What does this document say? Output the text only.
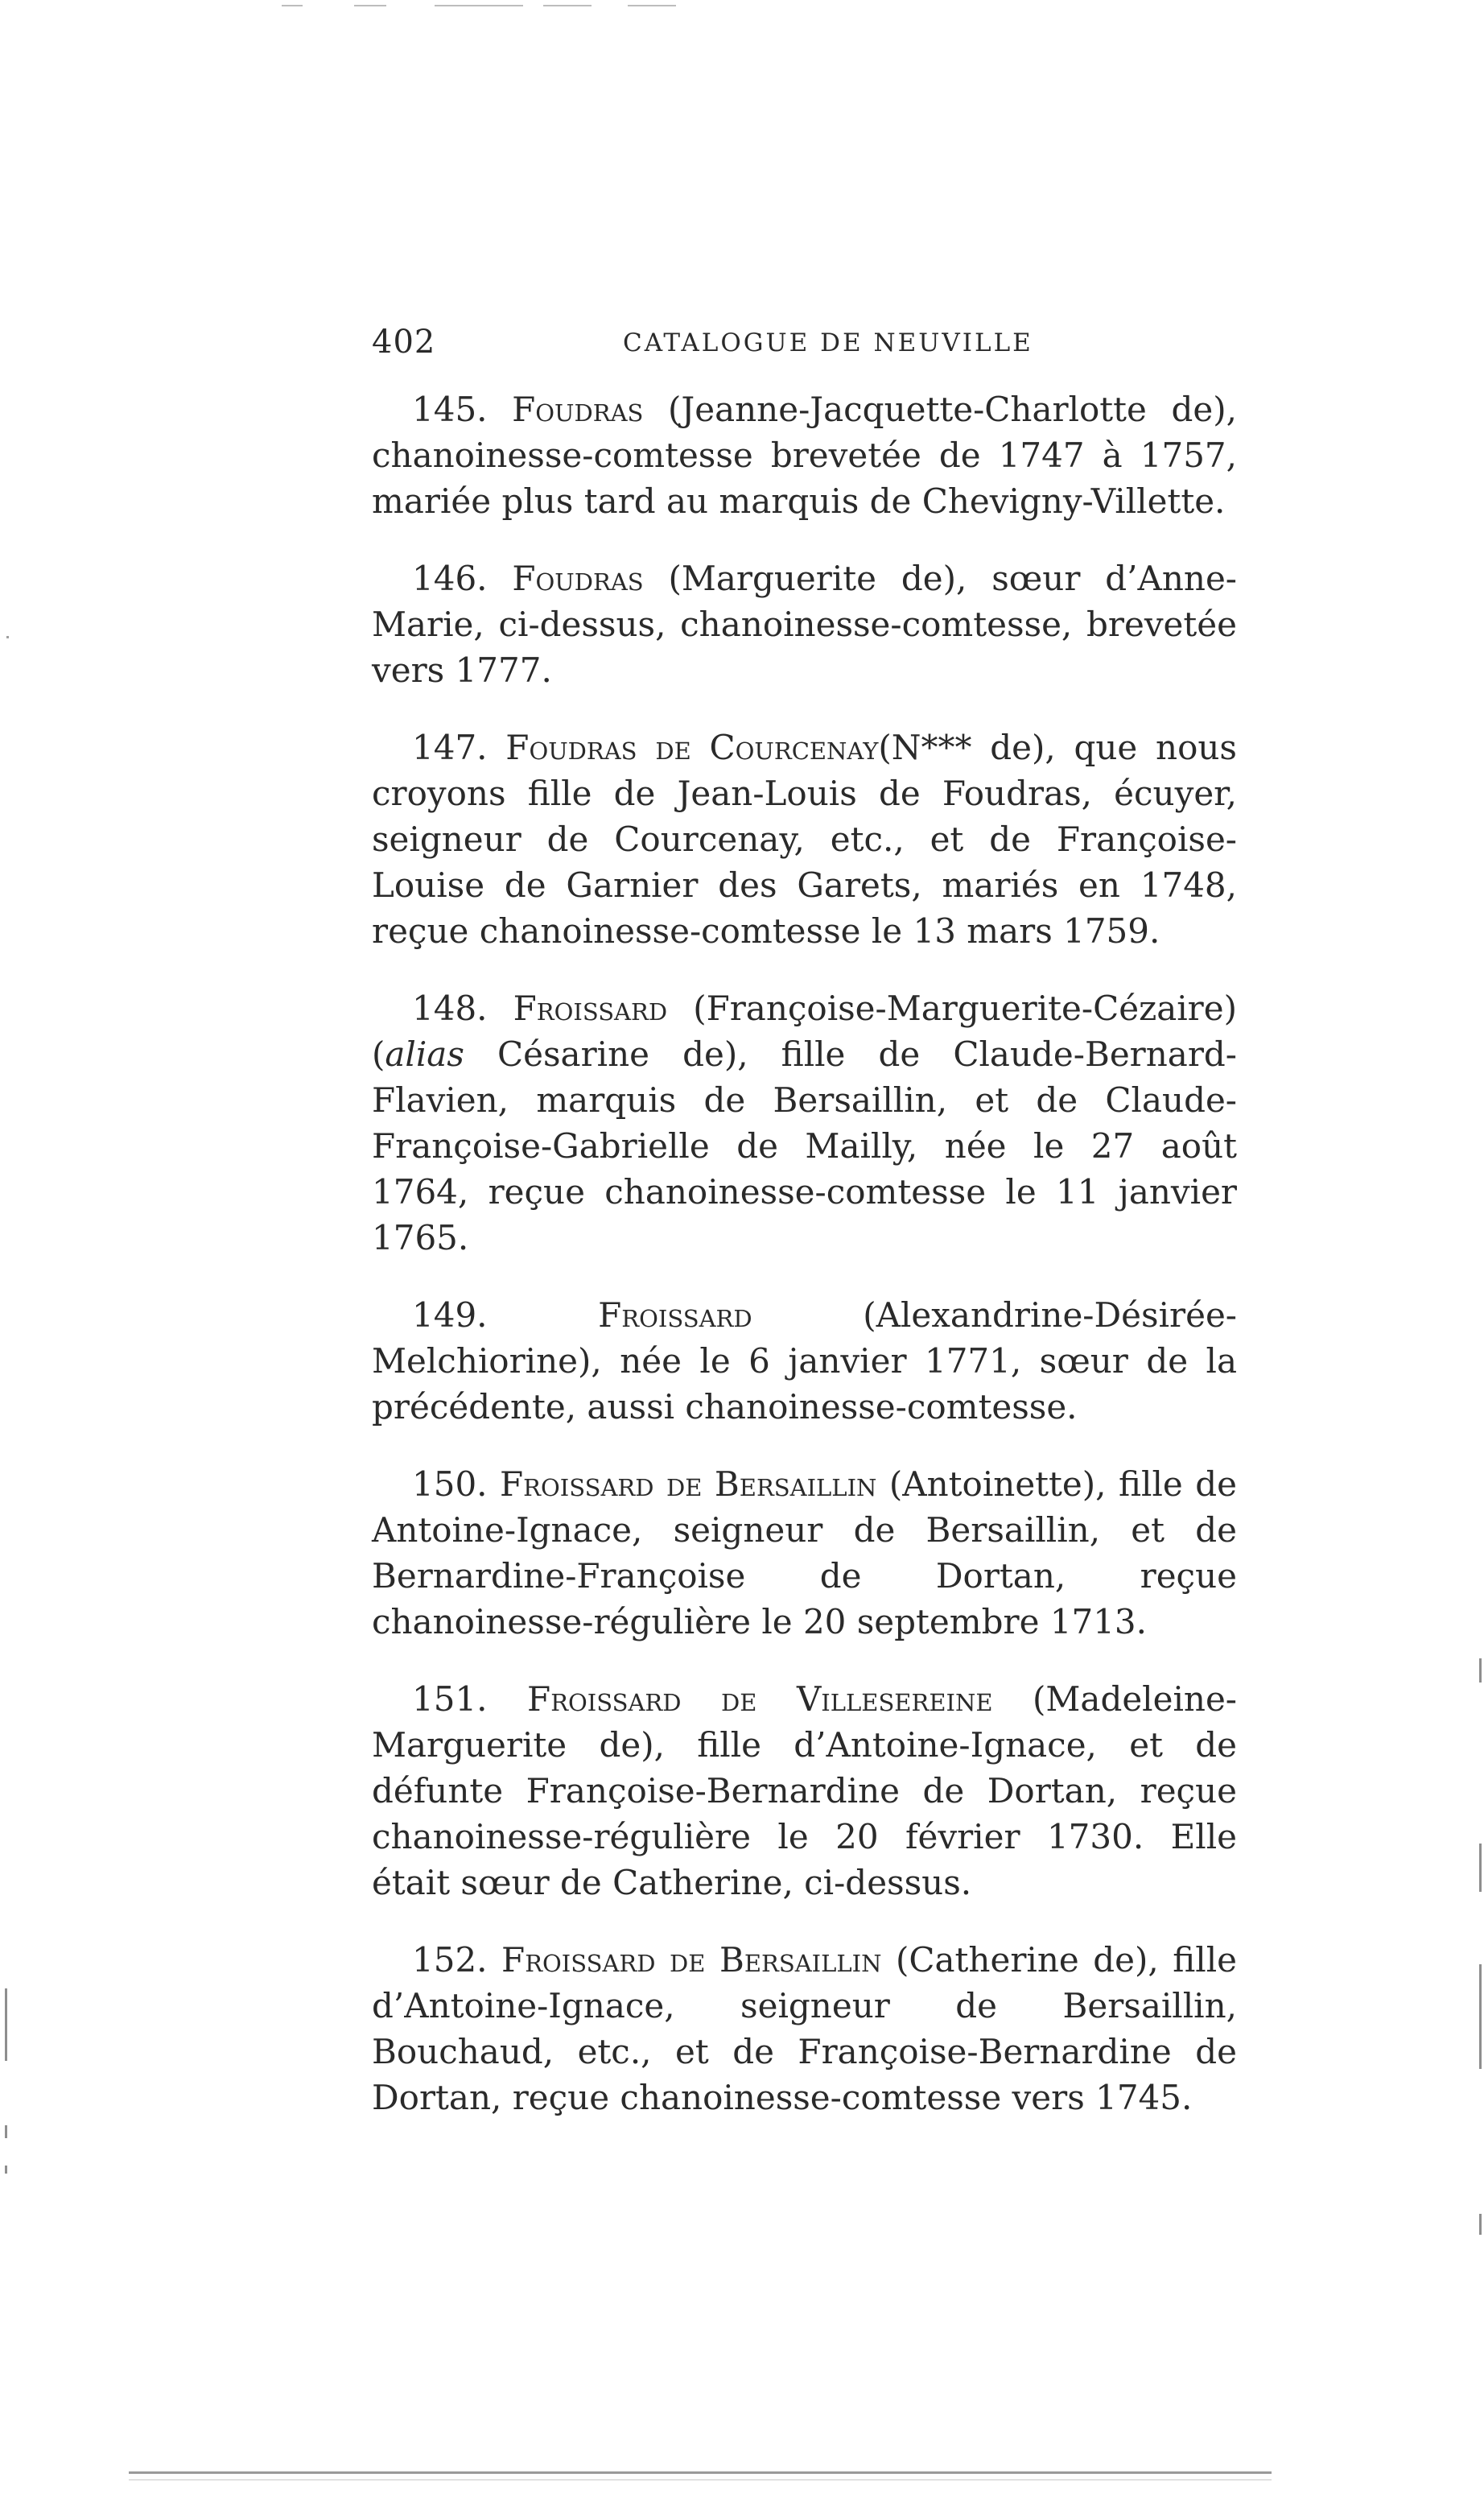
402	CATALOGUE DE NEUVILLE

145. Foudras (Jeanne-Jacquette-Charlotte de), chanoinesse-comtesse brevetée de 1747 à 1757, mariée plus tard au marquis de Chevigny-Villette.

146. Foudras (Marguerite de), sœur d’Anne-Marie, ci-dessus, chanoinesse-comtesse, brevetée vers 1777.

147. Foudras de Courcenay(N*** de), que nous croyons fille de Jean-Louis de Foudras, écuyer, seigneur de Courcenay, etc., et de Françoise-Louise de Garnier des Garets, mariés en 1748, reçue chanoinesse-comtesse le 13 mars 1759.

148. Froissard (Françoise-Marguerite-Cézaire) (alias Césarine de), fille de Claude-Bernard-Flavien, marquis de Bersaillin, et de Claude-Françoise-Gabrielle de Mailly, née le 27 août 1764, reçue chanoinesse-comtesse le 11 janvier 1765.

149.	Froissard (Alexandrine-Désirée-Melchiorine), née le 6 janvier 1771, sœur de la précédente, aussi chanoinesse-comtesse.

150. Froissard de Bersaillin (Antoinette), fille de Antoine-Ignace, seigneur de Bersaillin, et de Bernardine-Françoise de Dortan, reçue chanoinesse-régulière le 20 septembre 1713.

151. Froissard de Villesereine (Madeleine-Marguerite de), fille d’Antoine-Ignace, et de défunte Françoise-Bernardine de Dortan, reçue chanoinesse-régulière le 20 février 1730. Elle était sœur de Catherine, ci-dessus.

152. Froissard de Bersaillin (Catherine de), fille d’Antoine-Ignace, seigneur de Bersaillin, Bouchaud, etc., et de Françoise-Bernardine de Dortan, reçue chanoinesse-comtesse vers 1745.
